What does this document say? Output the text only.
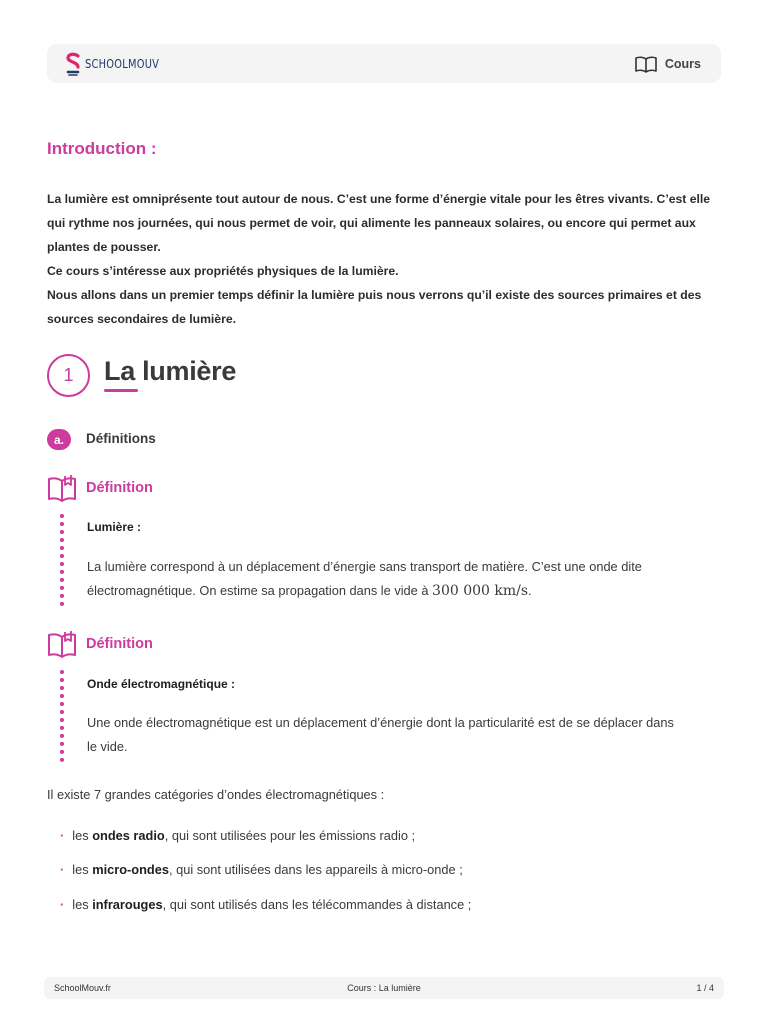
SCHOOLMOUV	Cours
Introduction :

La lumière est omniprésente tout autour de nous. C’est une forme d’énergie vitale pour les êtres vivants. C’est elle qui rythme nos journées, qui nous permet de voir, qui alimente les panneaux solaires, ou encore qui permet aux plantes de pousser.

Ce cours s’intéresse aux propriétés physiques de la lumière.

Nous allons dans un premier temps définir la lumière puis nous verrons qu’il existe des sources primaires et des sources secondaires de lumière.

1	La lumière
a.	Définitions
Définition
Lumière :
La lumière correspond à un déplacement d’énergie sans transport de matière. C’est une onde dite électromagnétique. On estime sa propagation dans le vide à 300 000 km/s.
Définition
Onde électromagnétique :
Une onde électromagnétique est un déplacement d’énergie dont la particularité est de se déplacer dans le vide.
Il existe 7 grandes catégories d’ondes électromagnétiques :
· les ondes radio, qui sont utilisées pour les émissions radio ;
· les micro-ondes, qui sont utilisées dans les appareils à micro-onde ;
· les infrarouges, qui sont utilisés dans les télécommandes à distance ;
SchoolMouv.fr	Cours : La lumière	1 / 4
